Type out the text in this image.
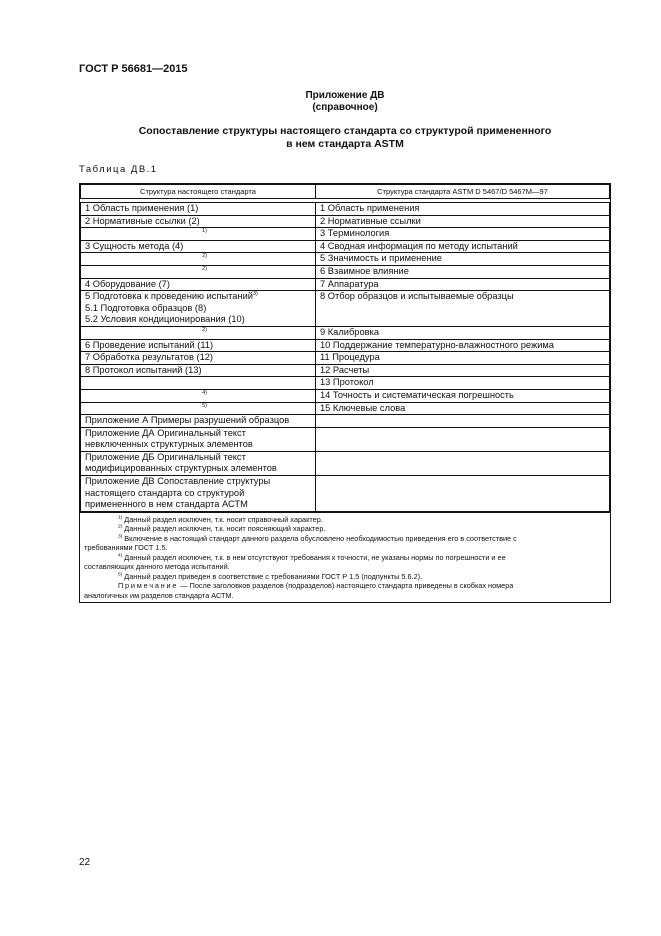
ГОСТ Р 56681—2015
Приложение ДВ
(справочное)
Сопоставление структуры настоящего стандарта со структурой примененного
в нем стандарта ASTM
Таблица ДВ.1
Структура настоящего стандарта	Структура стандарта ASTM D 5467/D 5467M—97

1 Область применения (1)	1 Область применения

2 Нормативные ссылки (2)	2 Нормативные ссылки
$^{1)}$	3 Терминология

3 Сущность метода (4)	4 Сводная информация по методу испытаний
$^{2)}$	5 Значимость и применение
$^{2)}$	6 Взаимное влияние

4 Оборудование (7)	7 Аппаратура

5 Подготовка к проведению испытаний$^{3)}$
5.1 Подготовка образцов (8)
5.2 Условия кондиционирования (10)	8 Отбор образцов и испытываемые образцы
$^{2)}$	9 Калибровка

6 Проведение испытаний (11)	10 Поддержание температурно-влажностного режима

7 Обработка результатов (12)	11 Процедура

8 Протокол испытаний (13)	12 Расчеты

	13 Протокол
$^{4)}$	14 Точность и систематическая погрешность
$^{5)}$	15 Ключевые слова

Приложение А Примеры разрушений образцов	

Приложение ДА Оригинальный текст
невключенных структурных элементов	

Приложение ДБ Оригинальный текст
модифицированных структурных элементов	

Приложение ДВ Сопоставление структуры
настоящего стандарта со структурой
примененного в нем стандарта АСТМ	

$^{1)}$ Данный раздел исключен, т.к. носит справочный характер.
$^{2)}$ Данный раздел исключен, т.к. носит поясняющий характер.
$^{3)}$ Включение в настоящий стандарт данного раздела обусловлено необходимостью приведения его в соответствие с
требованиями ГОСТ 1.5.
$^{4)}$ Данный раздел исключен, т.к. в нем отсутствуют требования к точности, не указаны нормы по погрешности и ее
составляющих данного метода испытаний.
$^{5)}$ Данный раздел приведен в соответствие с требованиями ГОСТ Р 1.5 (подпункты 5.6.2).
Примечание — После заголовков разделов (подразделов) настоящего стандарта приведены в скобках номера
аналогичных им разделов стандарта АСТМ.
22
